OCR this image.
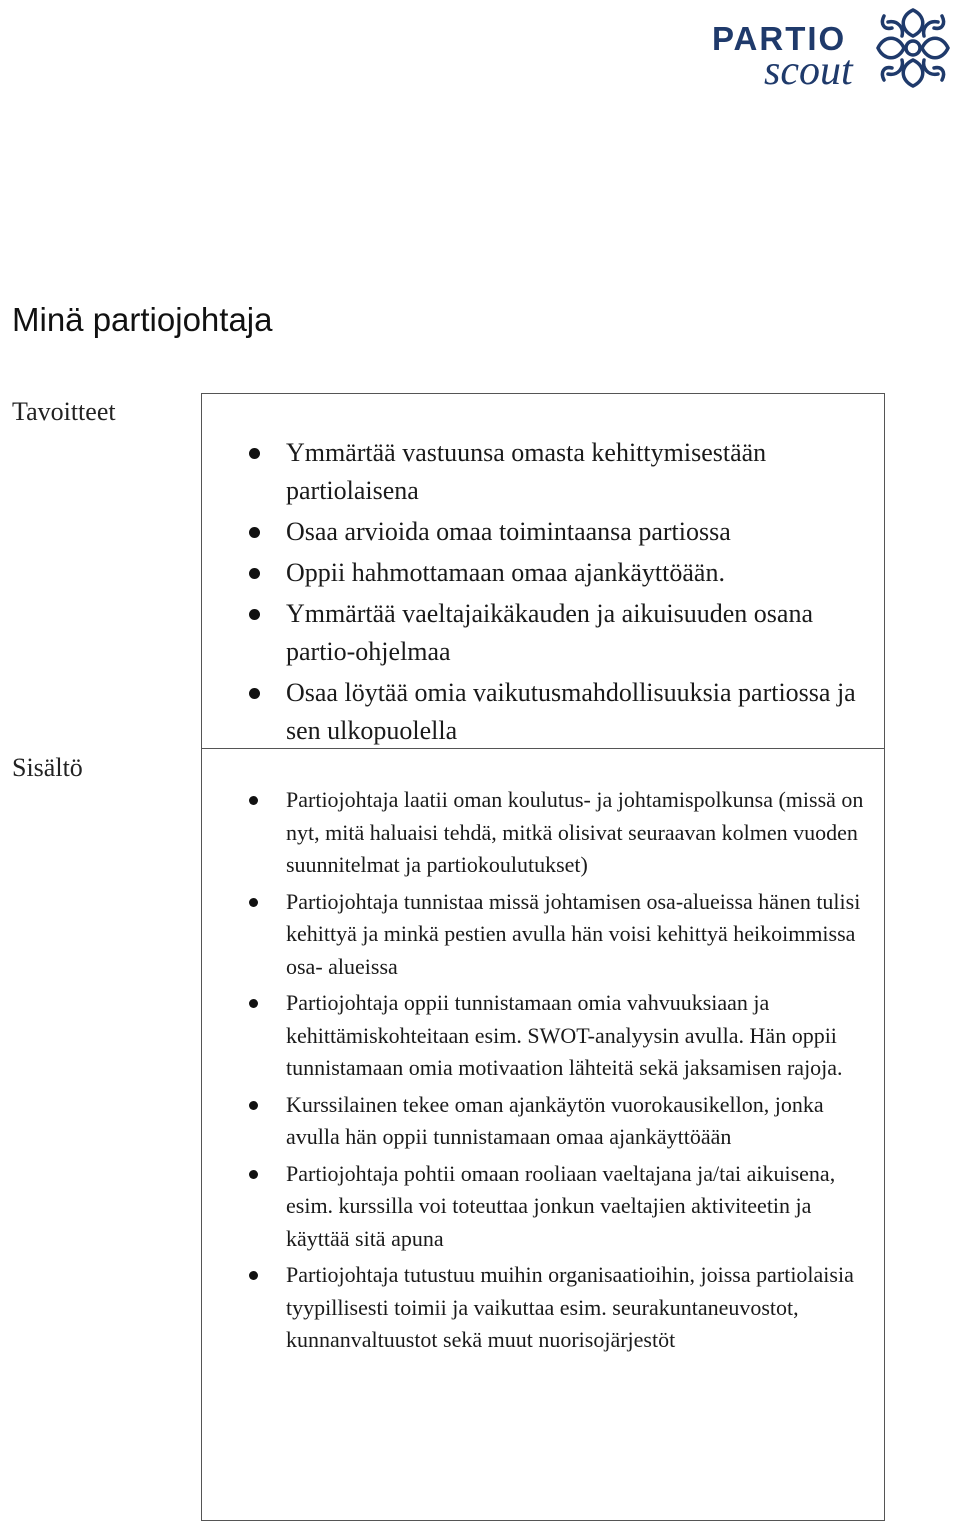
PARTIO
scout
Minä partiojohtaja
Tavoitteet
Sisältö
Ymmärtää vastuunsa omasta kehittymisestään partiolaisena
Osaa arvioida omaa toimintaansa partiossa
Oppii hahmottamaan omaa ajankäyttöään.
Ymmärtää vaeltajaikäkauden ja aikuisuuden osana partio-ohjelmaa
Osaa löytää omia vaikutusmahdollisuuksia partiossa ja sen ulkopuolella
Partiojohtaja laatii oman koulutus- ja johtamispolkunsa (missä on nyt, mitä haluaisi tehdä, mitkä olisivat seuraavan kolmen vuoden suunnitelmat ja partiokoulutukset)
Partiojohtaja tunnistaa missä johtamisen osa-alueissa hänen tulisi kehittyä ja minkä pestien avulla hän voisi kehittyä heikoimmissa osa- alueissa
Partiojohtaja oppii tunnistamaan omia vahvuuksiaan ja kehittämiskohteitaan esim. SWOT-analyysin avulla. Hän oppii tunnistamaan omia motivaation lähteitä sekä jaksamisen rajoja.
Kurssilainen tekee oman ajankäytön vuorokausikellon, jonka avulla hän oppii tunnistamaan omaa ajankäyttöään
Partiojohtaja pohtii omaan rooliaan vaeltajana ja/tai aikuisena, esim. kurssilla voi toteuttaa jonkun vaeltajien aktiviteetin ja käyttää sitä apuna
Partiojohtaja tutustuu muihin organisaatioihin, joissa partiolaisia tyypillisesti toimii ja vaikuttaa esim. seurakuntaneuvostot, kunnanvaltuustot sekä muut nuorisojärjestöt
